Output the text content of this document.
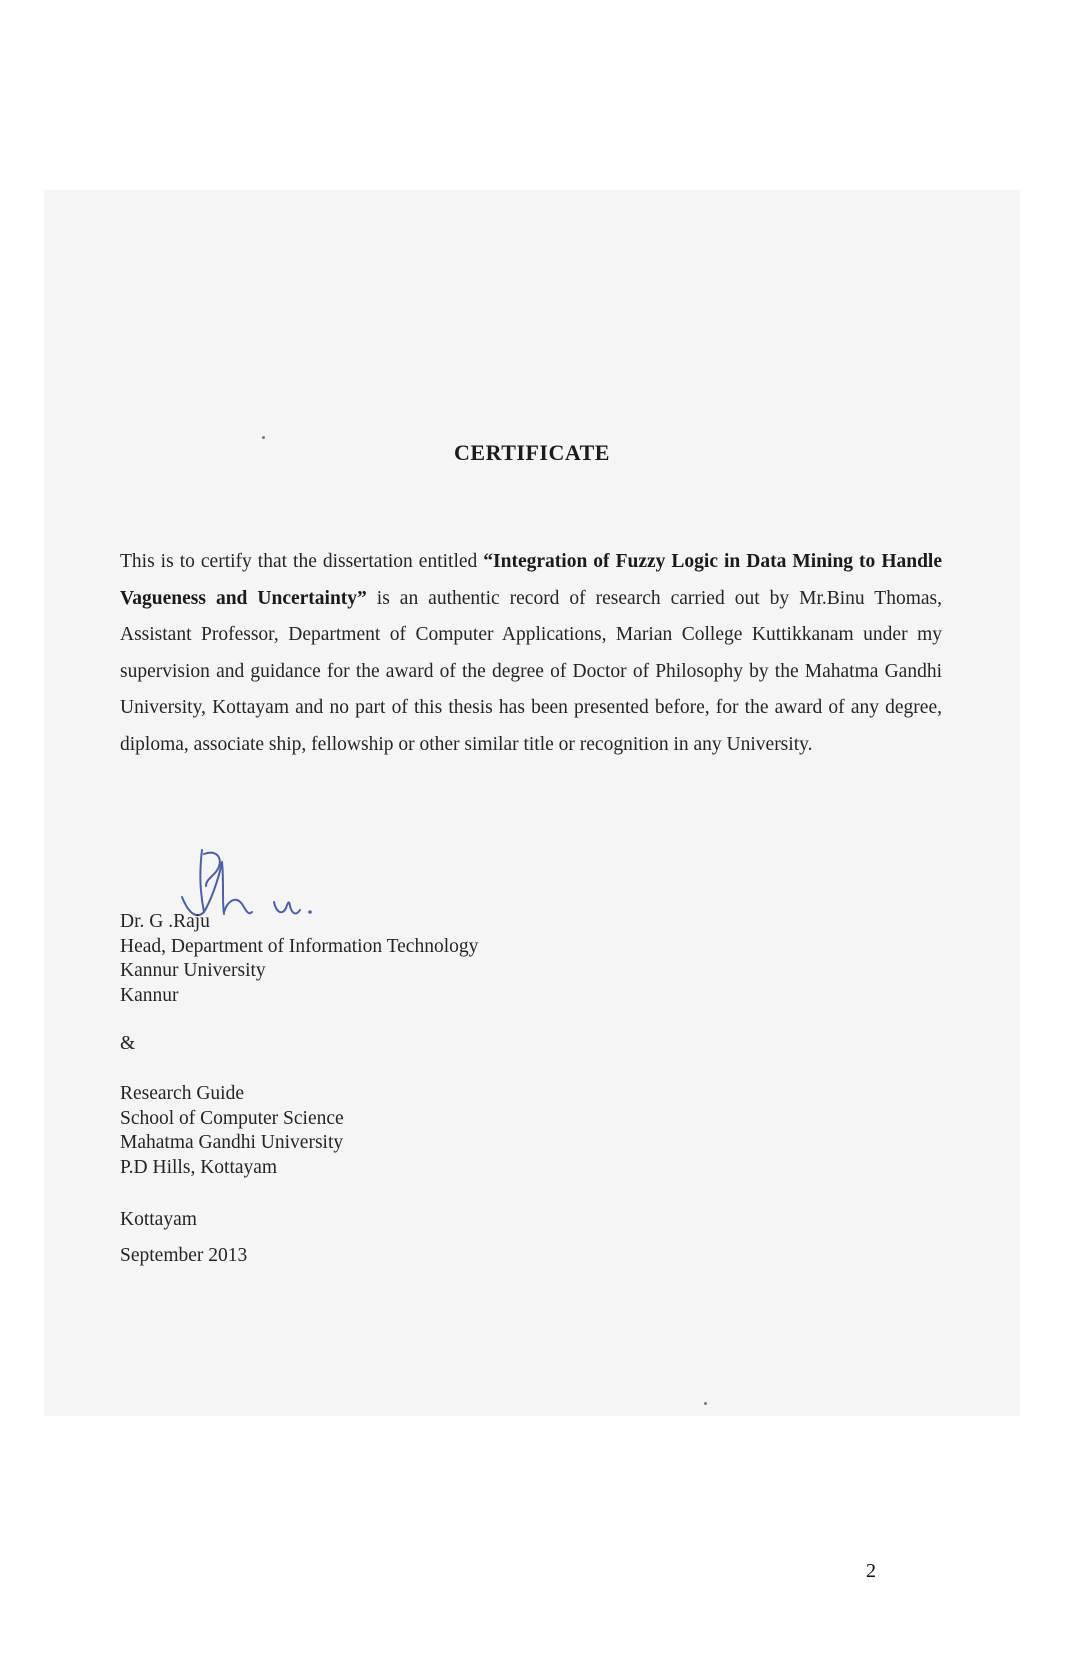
CERTIFICATE
This is to certify that the dissertation entitled “Integration of Fuzzy Logic in Data Mining to Handle Vagueness and Uncertainty” is an authentic record of research carried out by Mr.Binu Thomas, Assistant Professor, Department of Computer Applications, Marian College Kuttikkanam under my supervision and guidance for the award of the degree of Doctor of Philosophy by the Mahatma Gandhi University, Kottayam and no part of this thesis has been presented before, for the award of any degree, diploma, associate ship, fellowship or other similar title or recognition in any University.
Dr. G .Raju
Head, Department of Information Technology
Kannur University
Kannur
&
Research Guide
School of Computer Science
Mahatma Gandhi University
P.D Hills, Kottayam
Kottayam
September 2013
2
